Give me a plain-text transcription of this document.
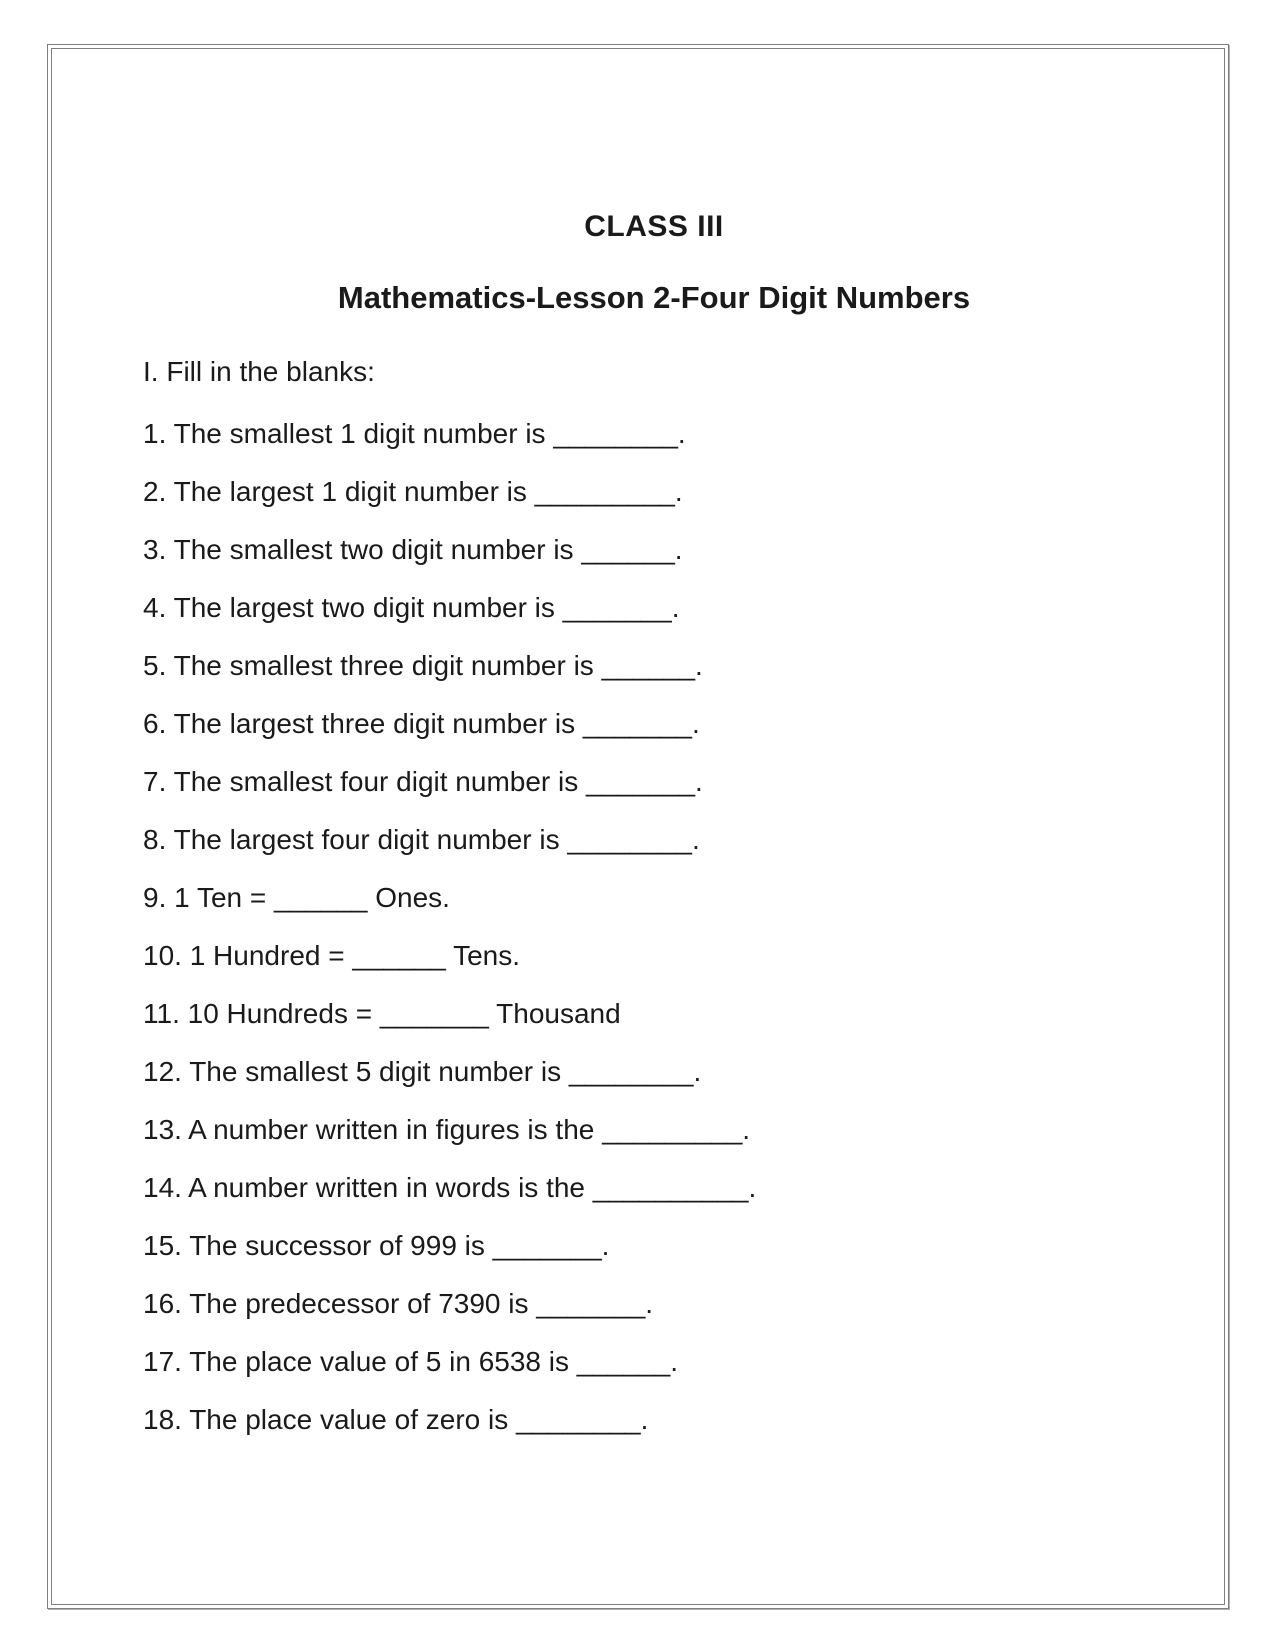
CLASS III
Mathematics-Lesson 2-Four Digit Numbers
I. Fill in the blanks:
1. The smallest 1 digit number is ________.
2. The largest 1 digit number is _________.
3. The smallest two digit number is ______.
4. The largest two digit number is _______.
5. The smallest three digit number is ______.
6. The largest three digit number is _______.
7. The smallest four digit number is _______.
8. The largest four digit number is ________.
9. 1 Ten = ______ Ones.
10. 1 Hundred = ______ Tens.
11. 10 Hundreds = _______ Thousand
12. The smallest 5 digit number is ________.
13. A number written in figures is the _________.
14. A number written in words is the __________.
15. The successor of 999 is _______.
16. The predecessor of 7390 is _______.
17. The place value of 5 in 6538 is ______.
18. The place value of zero is ________.
